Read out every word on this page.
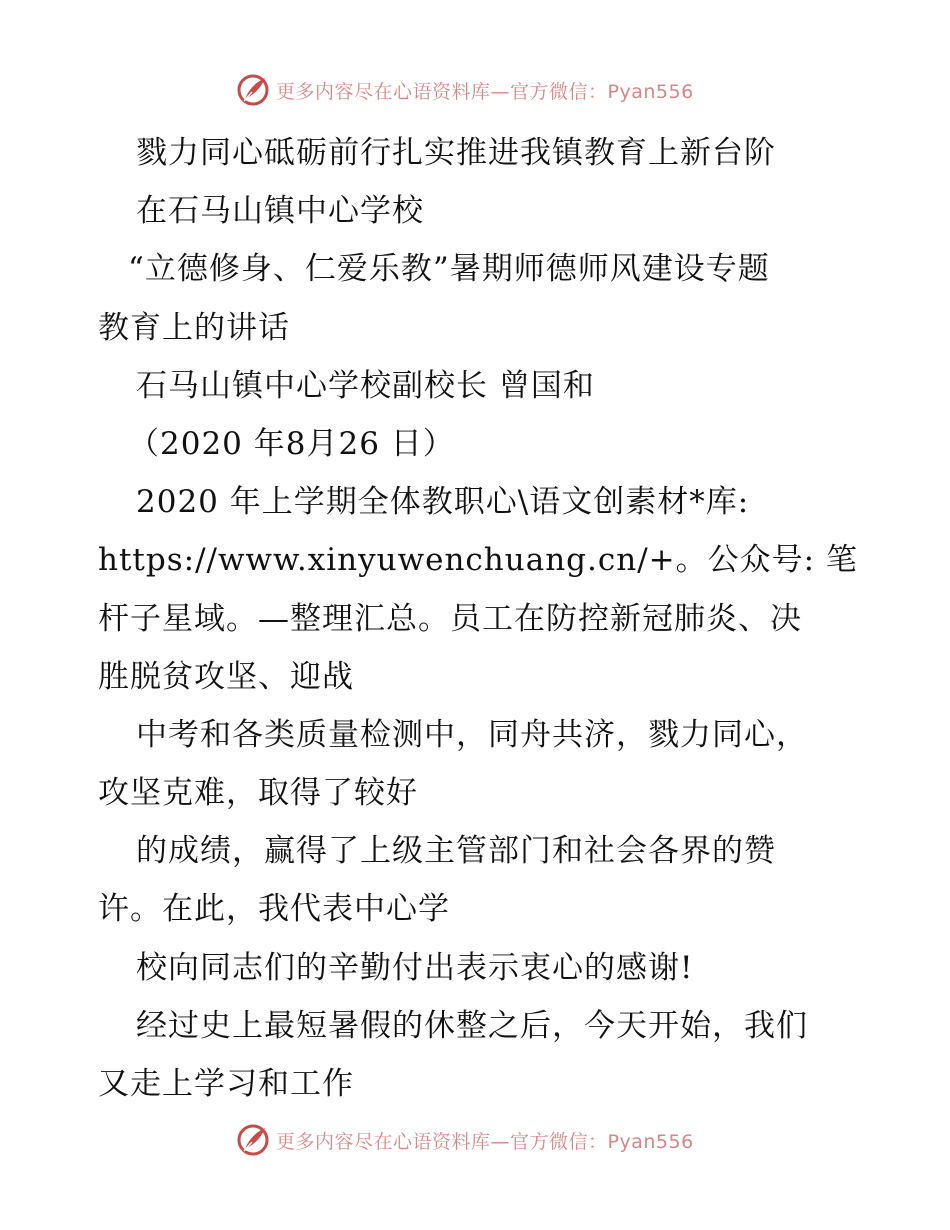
更多内容尽在心语资料库—官方微信：Pyan556
戮力同心砥砺前行扎实推进我镇教育上新台阶
在石马山镇中心学校
“立德修身、仁爱乐教”暑期师德师风建设专题
教育上的讲话
石马山镇中心学校副校长 曾国和
（2020 年8月26 日）
2020 年上学期全体教职心\语文创素材*库:
https://www.xinyuwenchuang.cn/+。公众号: 笔
杆子星域。—整理汇总。员工在防控新冠肺炎、决
胜脱贫攻坚、迎战
中考和各类质量检测中，同舟共济，戮力同心，
攻坚克难，取得了较好
的成绩，赢得了上级主管部门和社会各界的赞
许。在此，我代表中心学
校向同志们的辛勤付出表示衷心的感谢!
经过史上最短暑假的休整之后，今天开始，我们
又走上学习和工作
更多内容尽在心语资料库—官方微信：Pyan556
